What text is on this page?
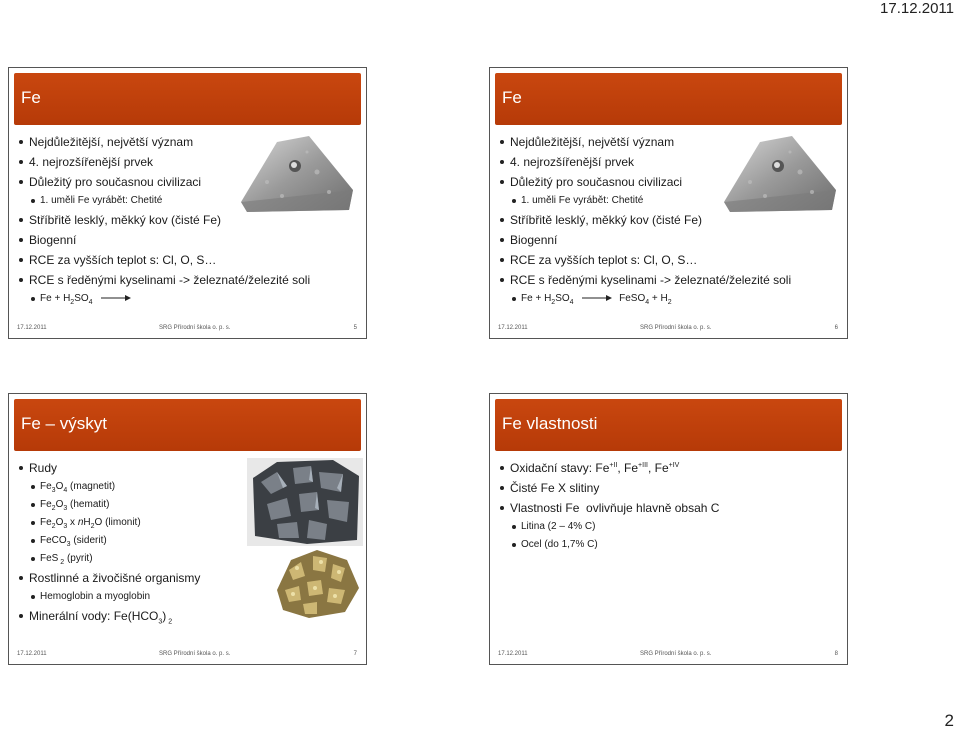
17.12.2011
Fe
Nejdůležitější, největší význam
4. nejrozšířenější prvek
Důležitý pro současnou civilizaci
1. uměli Fe vyrábět: Chetité
Stříbřitě lesklý, měkký kov (čisté Fe)
Biogenní
RCE za vyšších teplot s: Cl, O, S…
RCE s ředěnými kyselinami -> železnaté/železité soli
$Fe + H_2SO_4$
17.12.2011	SRG Přírodní škola o. p. s.	5
Fe
Nejdůležitější, největší význam
4. nejrozšířenější prvek
Důležitý pro současnou civilizaci
1. uměli Fe vyrábět: Chetité
Stříbřitě lesklý, měkký kov (čisté Fe)
Biogenní
RCE za vyšších teplot s: Cl, O, S…
RCE s ředěnými kyselinami -> železnaté/železité soli
$Fe + H_2SO_4$	FeSO$_4$ + $H_2$
17.12.2011	SRG Přírodní škola o. p. s.	6
Fe – výskyt
Rudy
$Fe_3O_4$ (magnetit)
$Fe_2O_3$ (hematit)
$Fe_2O_3$ x $nH_2O$ (limonit)
FeCO$_3$ (siderit)
FeS $_2$ (pyrit)
Rostlinné a živočišné organismy
Hemoglobin a myoglobin
Minerální vody: $Fe(HCO_3)$ $_2$
17.12.2011	SRG Přírodní škola o. p. s.	7
Fe vlastnosti
Oxidační stavy: $Fe^{+II}$, $Fe^{+III}$, $Fe^{+IV}$
Čisté Fe X slitiny
Vlastnosti Fe  ovlivňuje hlavně obsah C
Litina (2 – 4% C)
Ocel (do 1,7% C)
17.12.2011	SRG Přírodní škola o. p. s.	8
2
